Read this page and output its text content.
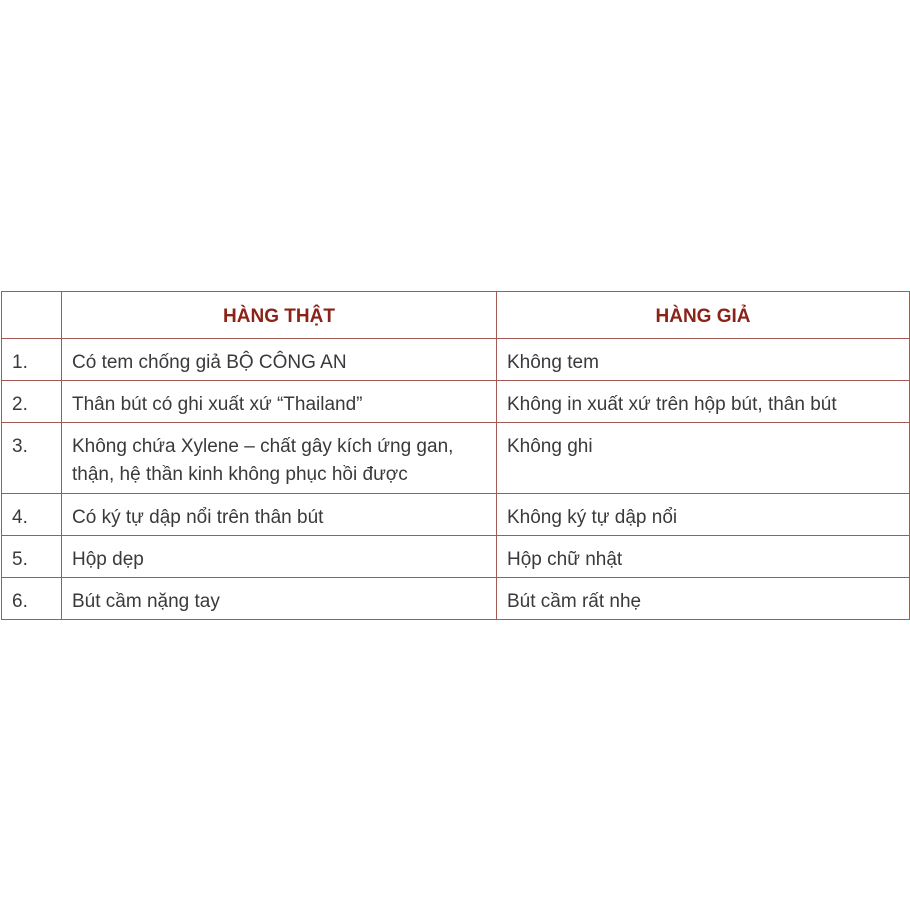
	HÀNG THẬT	HÀNG GIẢ
1.	Có tem chống giả BỘ CÔNG AN	Không tem
2.	Thân bút có ghi xuất xứ “Thailand”	Không in xuất xứ trên hộp bút, thân bút
3.	Không chứa Xylene – chất gây kích ứng gan, thận, hệ thần kinh không phục hồi được	Không ghi
4.	Có ký tự dập nổi trên thân bút	Không ký tự dập nổi
5.	Hộp dẹp	Hộp chữ nhật
6.	Bút cầm nặng tay	Bút cầm rất nhẹ
